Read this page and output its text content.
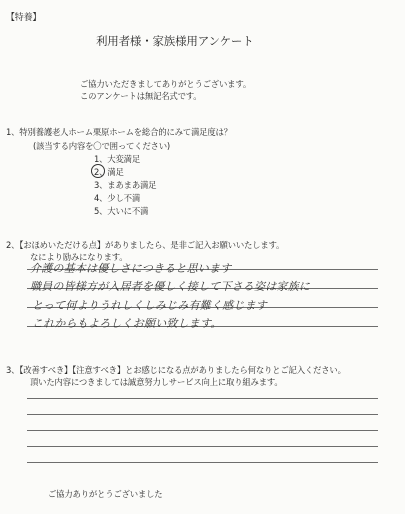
【特養】
利用者様・家族様用アンケート
ご協力いただきましてありがとうございます。
このアンケートは無記名式です。
1、特別養護老人ホーム栗原ホームを総合的にみて満足度は？
(該当する内容を〇で囲ってください)
1、大変満足
2、満足
3、まあまあ満足
4、少し不満
5、大いに不満
2、【おほめいただける点】がありましたら、是非ご記入お願いいたします。
なにより励みになります。
介護の基本は優しさにつきると思います
職員の皆様方が入居者を優しく接して下さる姿は家族に
とって何よりうれしくしみじみ有難く感じます
これからもよろしくお願い致します。
3、【改善すべき】【注意すべき】とお感じになる点がありましたら何なりとご記入ください。
頂いた内容につきましては誠意努力しサービス向上に取り組みます。
ご協力ありがとうございました
